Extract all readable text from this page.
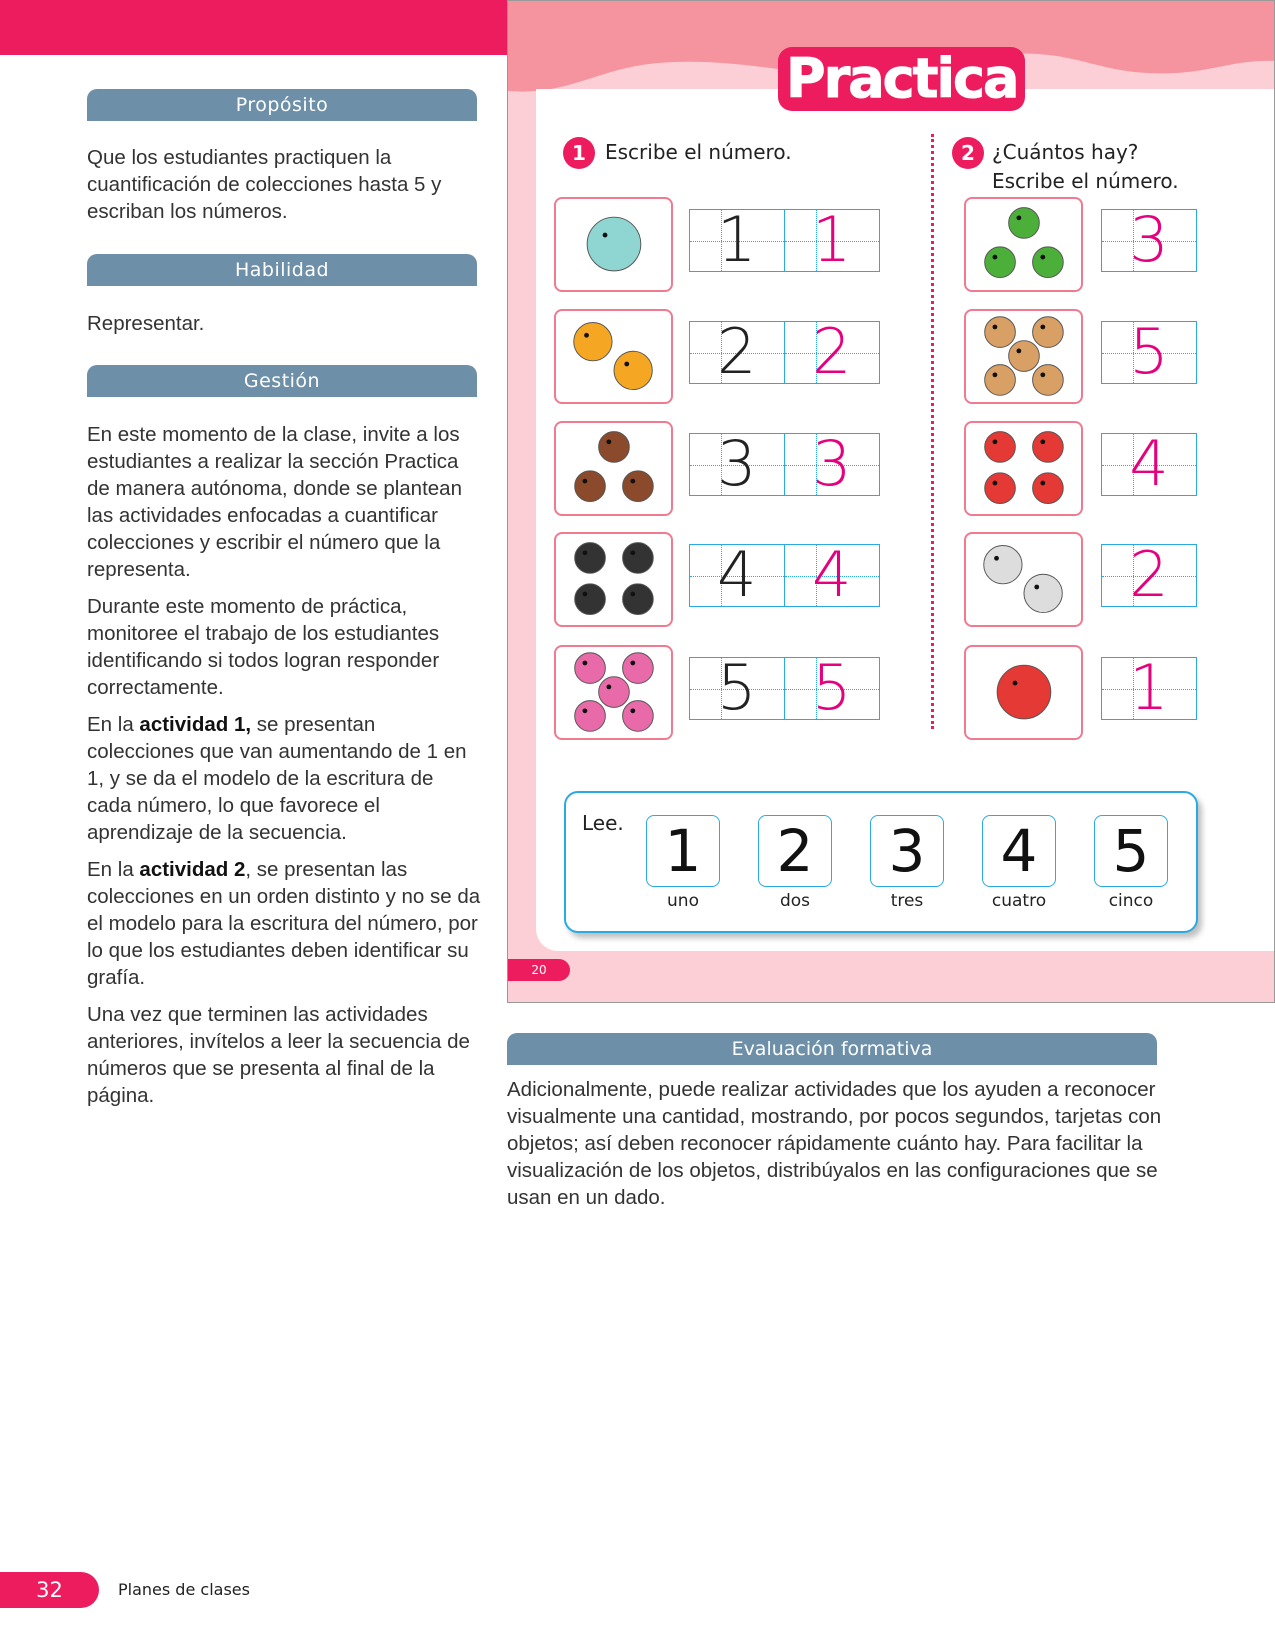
Propósito

Que los estudiantes practiquen la cuantificación de colecciones hasta 5 y escriban los números.

Habilidad

Representar.

Gestión

En este momento de la clase, invite a los estudiantes a realizar la sección Practica de manera autónoma, donde se plantean las actividades enfocadas a cuantificar colecciones y escribir el número que la representa.

Durante este momento de práctica, monitoree el trabajo de los estudiantes identificando si todos logran responder correctamente.

En la actividad 1, se presentan colecciones que van aumentando de 1 en 1, y se da el modelo de la escritura de cada número, lo que favorece el aprendizaje de la secuencia.

En la actividad 2, se presentan las colecciones en un orden distinto y no se da el modelo para la escritura del número, por lo que los estudiantes deben identificar su grafía.

Una vez que terminen las actividades anteriores, invítelos a leer la secuencia de números que se presenta al final de la página.

Practica
1 Escribe el número.	2 ¿Cuántos hay?
Escribe el número.
1 1
2 2
3 3
4 4
5 5
3
5
4
2
1
Lee. 1
uno
2
dos
3
tres
4
cuatro
5
cinco
20
Evaluación formativa
Adicionalmente, puede realizar actividades que los ayuden a reconocer visualmente una cantidad, mostrando, por pocos segundos, tarjetas con objetos; así deben reconocer rápidamente cuánto hay. Para facilitar la visualización de los objetos, distribúyalos en las configuraciones que se usan en un dado.
32	Planes de clases
